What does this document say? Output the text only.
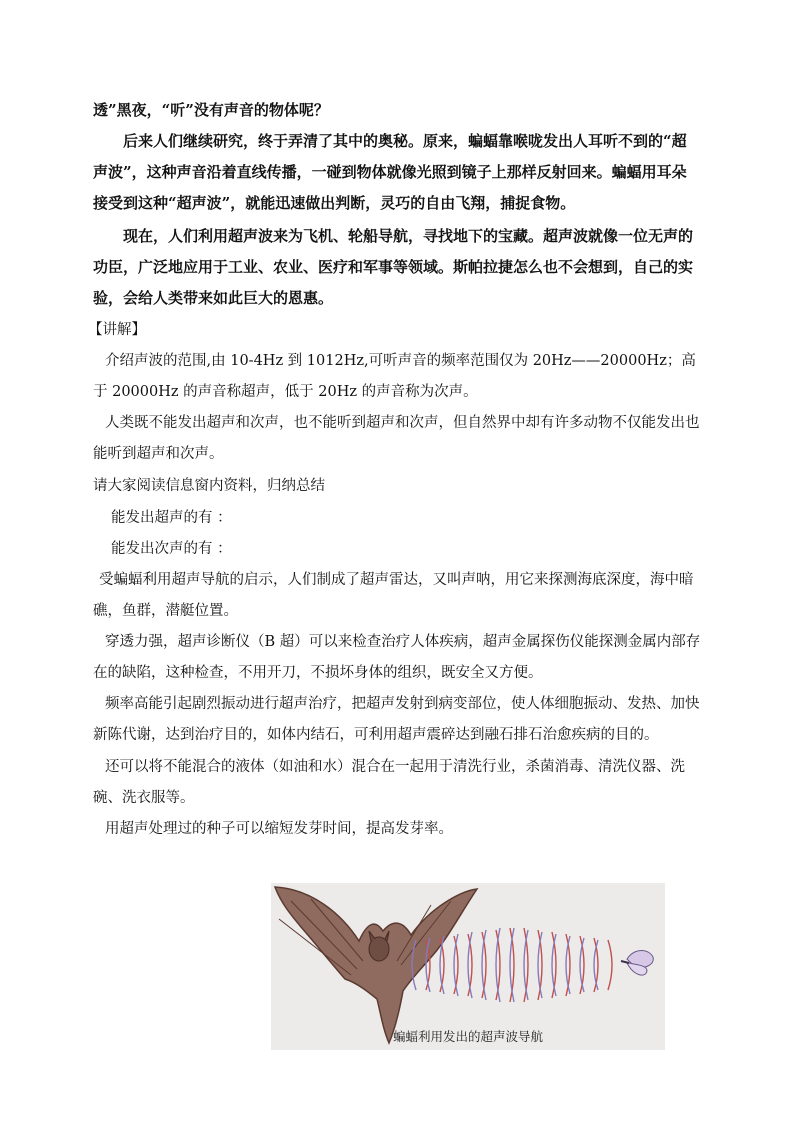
透”黑夜，“听”没有声音的物体呢？

后来人们继续研究，终于弄清了其中的奥秘。原来，蝙蝠靠喉咙发出人耳听不到的“超声波”，这种声音沿着直线传播，一碰到物体就像光照到镜子上那样反射回来。蝙蝠用耳朵接受到这种“超声波”，就能迅速做出判断，灵巧的自由飞翔，捕捉食物。

现在，人们利用超声波来为飞机、轮船导航，寻找地下的宝藏。超声波就像一位无声的功臣，广泛地应用于工业、农业、医疗和军事等领域。斯帕拉捷怎么也不会想到，自己的实验，会给人类带来如此巨大的恩惠。

【讲解】

介绍声波的范围,由 10-4Hz 到 1012Hz,可听声音的频率范围仅为 20Hz——20000Hz；高于 20000Hz 的声音称超声，低于 20Hz 的声音称为次声。

人类既不能发出超声和次声，也不能听到超声和次声，但自然界中却有许多动物不仅能发出也能听到超声和次声。

请大家阅读信息窗内资料，归纳总结

能发出超声的有 ：

能发出次声的有 ：

受蝙蝠利用超声导航的启示，人们制成了超声雷达，又叫声呐，用它来探测海底深度，海中暗礁，鱼群，潜艇位置。

穿透力强，超声诊断仪（B 超）可以来检查治疗人体疾病，超声金属探伤仪能探测金属内部存在的缺陷，这种检查，不用开刀，不损坏身体的组织，既安全又方便。

频率高能引起剧烈振动进行超声治疗，把超声发射到病变部位，使人体细胞振动、发热、加快新陈代谢，达到治疗目的，如体内结石，可利用超声震碎达到融石排石治愈疾病的目的。

还可以将不能混合的液体（如油和水）混合在一起用于清洗行业，杀菌消毒、清洗仪器、洗碗、洗衣服等。

用超声处理过的种子可以缩短发芽时间，提高发芽率。

蝙蝠利用发出的超声波导航
